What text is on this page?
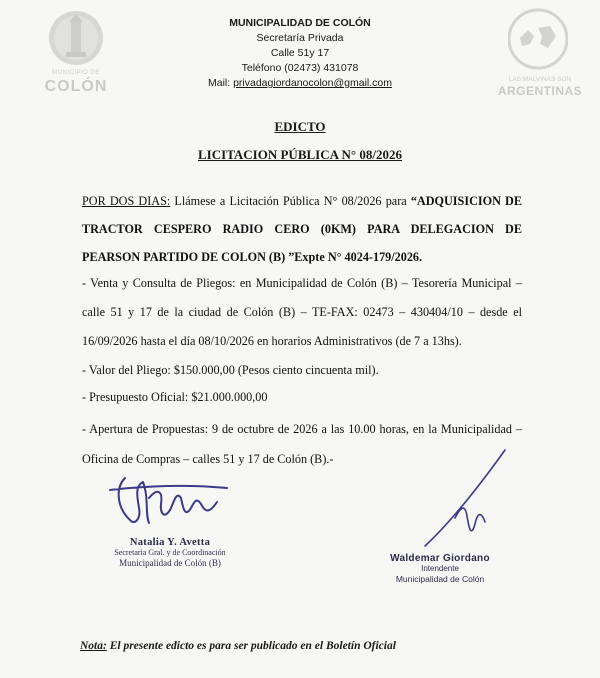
MUNICIPIO DE
COLÓN	LAS MALVINAS SON
ARGENTINAS
MUNICIPALIDAD DE COLÓN
Secretaría Privada
Calle 51y 17
Teléfono (02473) 431078
Mail: privadagiordanocolon@gmail.com
EDICTO
LICITACION PÚBLICA N° 08/2026
POR DOS DIAS: Llámese a Licitación Pública N° 08/2026 para “ADQUISICION DE TRACTOR CESPERO RADIO CERO (0KM) PARA DELEGACION DE PEARSON PARTIDO DE COLON (B) ”Expte N° 4024-179/2026.
- Venta y Consulta de Pliegos: en Municipalidad de Colón (B) – Tesorería Municipal – calle 51 y 17 de la ciudad de Colón (B) – TE-FAX: 02473 – 430404/10 – desde el 16/09/2026 hasta el día 08/10/2026 en horarios Administrativos (de 7 a 13hs).
- Valor del Pliego: $150.000,00 (Pesos ciento cincuenta mil).
- Presupuesto Oficial: $21.000.000,00
- Apertura de Propuestas: 9 de octubre de 2026 a las 10.00 horas, en la Municipalidad – Oficina de Compras – calles 51 y 17 de Colón (B).-
Natalia Y. Avetta
Secretaria Gral. y de Coordinación
Municipalidad de Colón (B)	Waldemar Giordano
Intendente
Municipalidad de Colón
Nota: El presente edicto es para ser publicado en el Boletín Oficial
